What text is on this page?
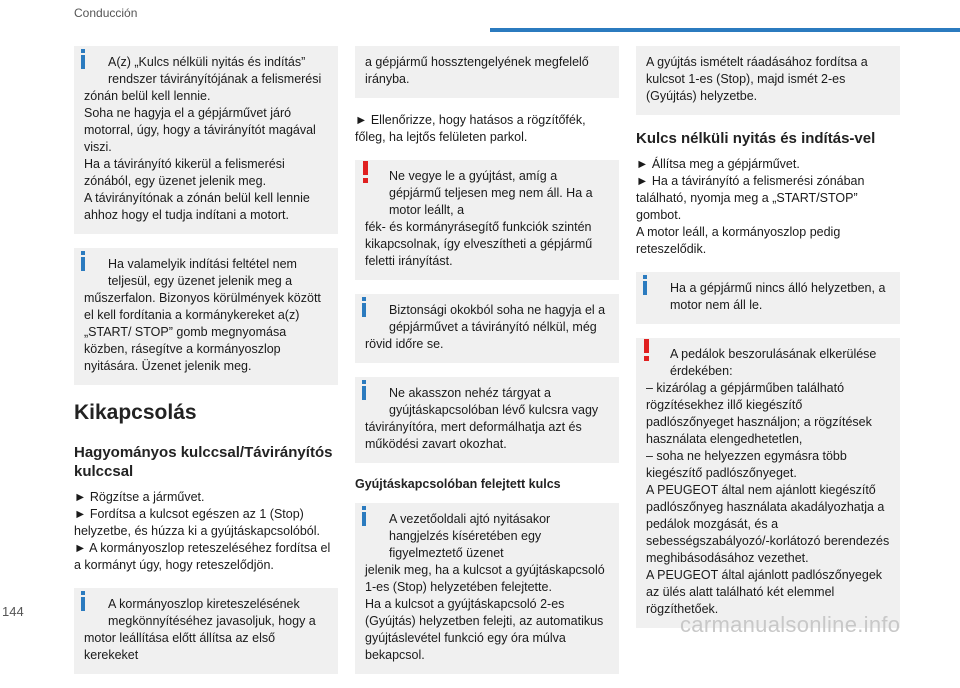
Conducción
A(z) „Kulcs nélküli nyitás és indítás” rendszer távirányítójának a felismerési
zónán belül kell lennie.
Soha ne hagyja el a gépjárművet járó motorral, úgy, hogy a távirányítót magával viszi.
Ha a távirányító kikerül a felismerési zónából, egy üzenet jelenik meg.
A távirányítónak a zónán belül kell lennie ahhoz hogy el tudja indítani a motort.
Ha valamelyik indítási feltétel nem teljesül, egy üzenet jelenik meg a
műszerfalon. Bizonyos körülmények között el kell fordítania a kormánykereket a(z) „START/ STOP” gomb megnyomása közben, rásegítve a kormányoszlop nyitására. Üzenet jelenik meg.
Kikapcsolás
Hagyományos kulccsal/Távirányítós kulccsal

► Rögzítse a járművet.
► Fordítsa a kulcsot egészen az 1 (Stop) helyzetbe, és húzza ki a gyújtáskapcsolóból.
► A kormányoszlop reteszeléséhez fordítsa el a kormányt úgy, hogy reteszelődjön.

A kormányoszlop kireteszelésének megkönnyítéséhez javasoljuk, hogy a
motor leállítása előtt állítsa az első kerekeket
a gépjármű hossztengelyének megfelelő irányba.

► Ellenőrizze, hogy hatásos a rögzítőfék, főleg, ha lejtős felületen parkol.

Ne vegye le a gyújtást, amíg a gépjármű teljesen meg nem áll. Ha a motor leállt, a
fék- és kormányrásegítő funkciók szintén kikapcsolnak, így elveszítheti a gépjármű feletti irányítást.
Biztonsági okokból soha ne hagyja el a gépjárművet a távirányító nélkül, még
rövid időre se.
Ne akasszon nehéz tárgyat a gyújtáskapcsolóban lévő kulcsra vagy
távirányítóra, mert deformálhatja azt és működési zavart okozhat.
Gyújtáskapcsolóban felejtett kulcs
A vezetőoldali ajtó nyitásakor hangjelzés kíséretében egy figyelmeztető üzenet
jelenik meg, ha a kulcsot a gyújtáskapcsoló 1-es (Stop) helyzetében felejtette.
Ha a kulcsot a gyújtáskapcsoló 2-es (Gyújtás) helyzetben felejti, az automatikus gyújtáslevétel funkció egy óra múlva bekapcsol.
A gyújtás ismételt ráadásához fordítsa a kulcsot 1-es (Stop), majd ismét 2-es (Gyújtás) helyzetbe.
Kulcs nélküli nyitás és indítás-vel

► Állítsa meg a gépjárművet.
► Ha a távirányító a felismerési zónában található, nyomja meg a „START/STOP” gombot.
A motor leáll, a kormányoszlop pedig reteszelődik.

Ha a gépjármű nincs álló helyzetben, a motor nem áll le.
A pedálok beszorulásának elkerülése érdekében:
– kizárólag a gépjárműben található rögzítésekhez illő kiegészítő padlószőnyeget használjon; a rögzítések használata elengedhetetlen,
– soha ne helyezzen egymásra több kiegészítő padlószőnyeget.
A PEUGEOT által nem ajánlott kiegészítő padlószőnyeg használata akadályozhatja a pedálok mozgását, és a sebességszabályozó/-korlátozó berendezés meghibásodásához vezethet.
A PEUGEOT által ajánlott padlószőnyegek az ülés alatt található két elemmel rögzíthetőek.
144
carmanualsonline.info
